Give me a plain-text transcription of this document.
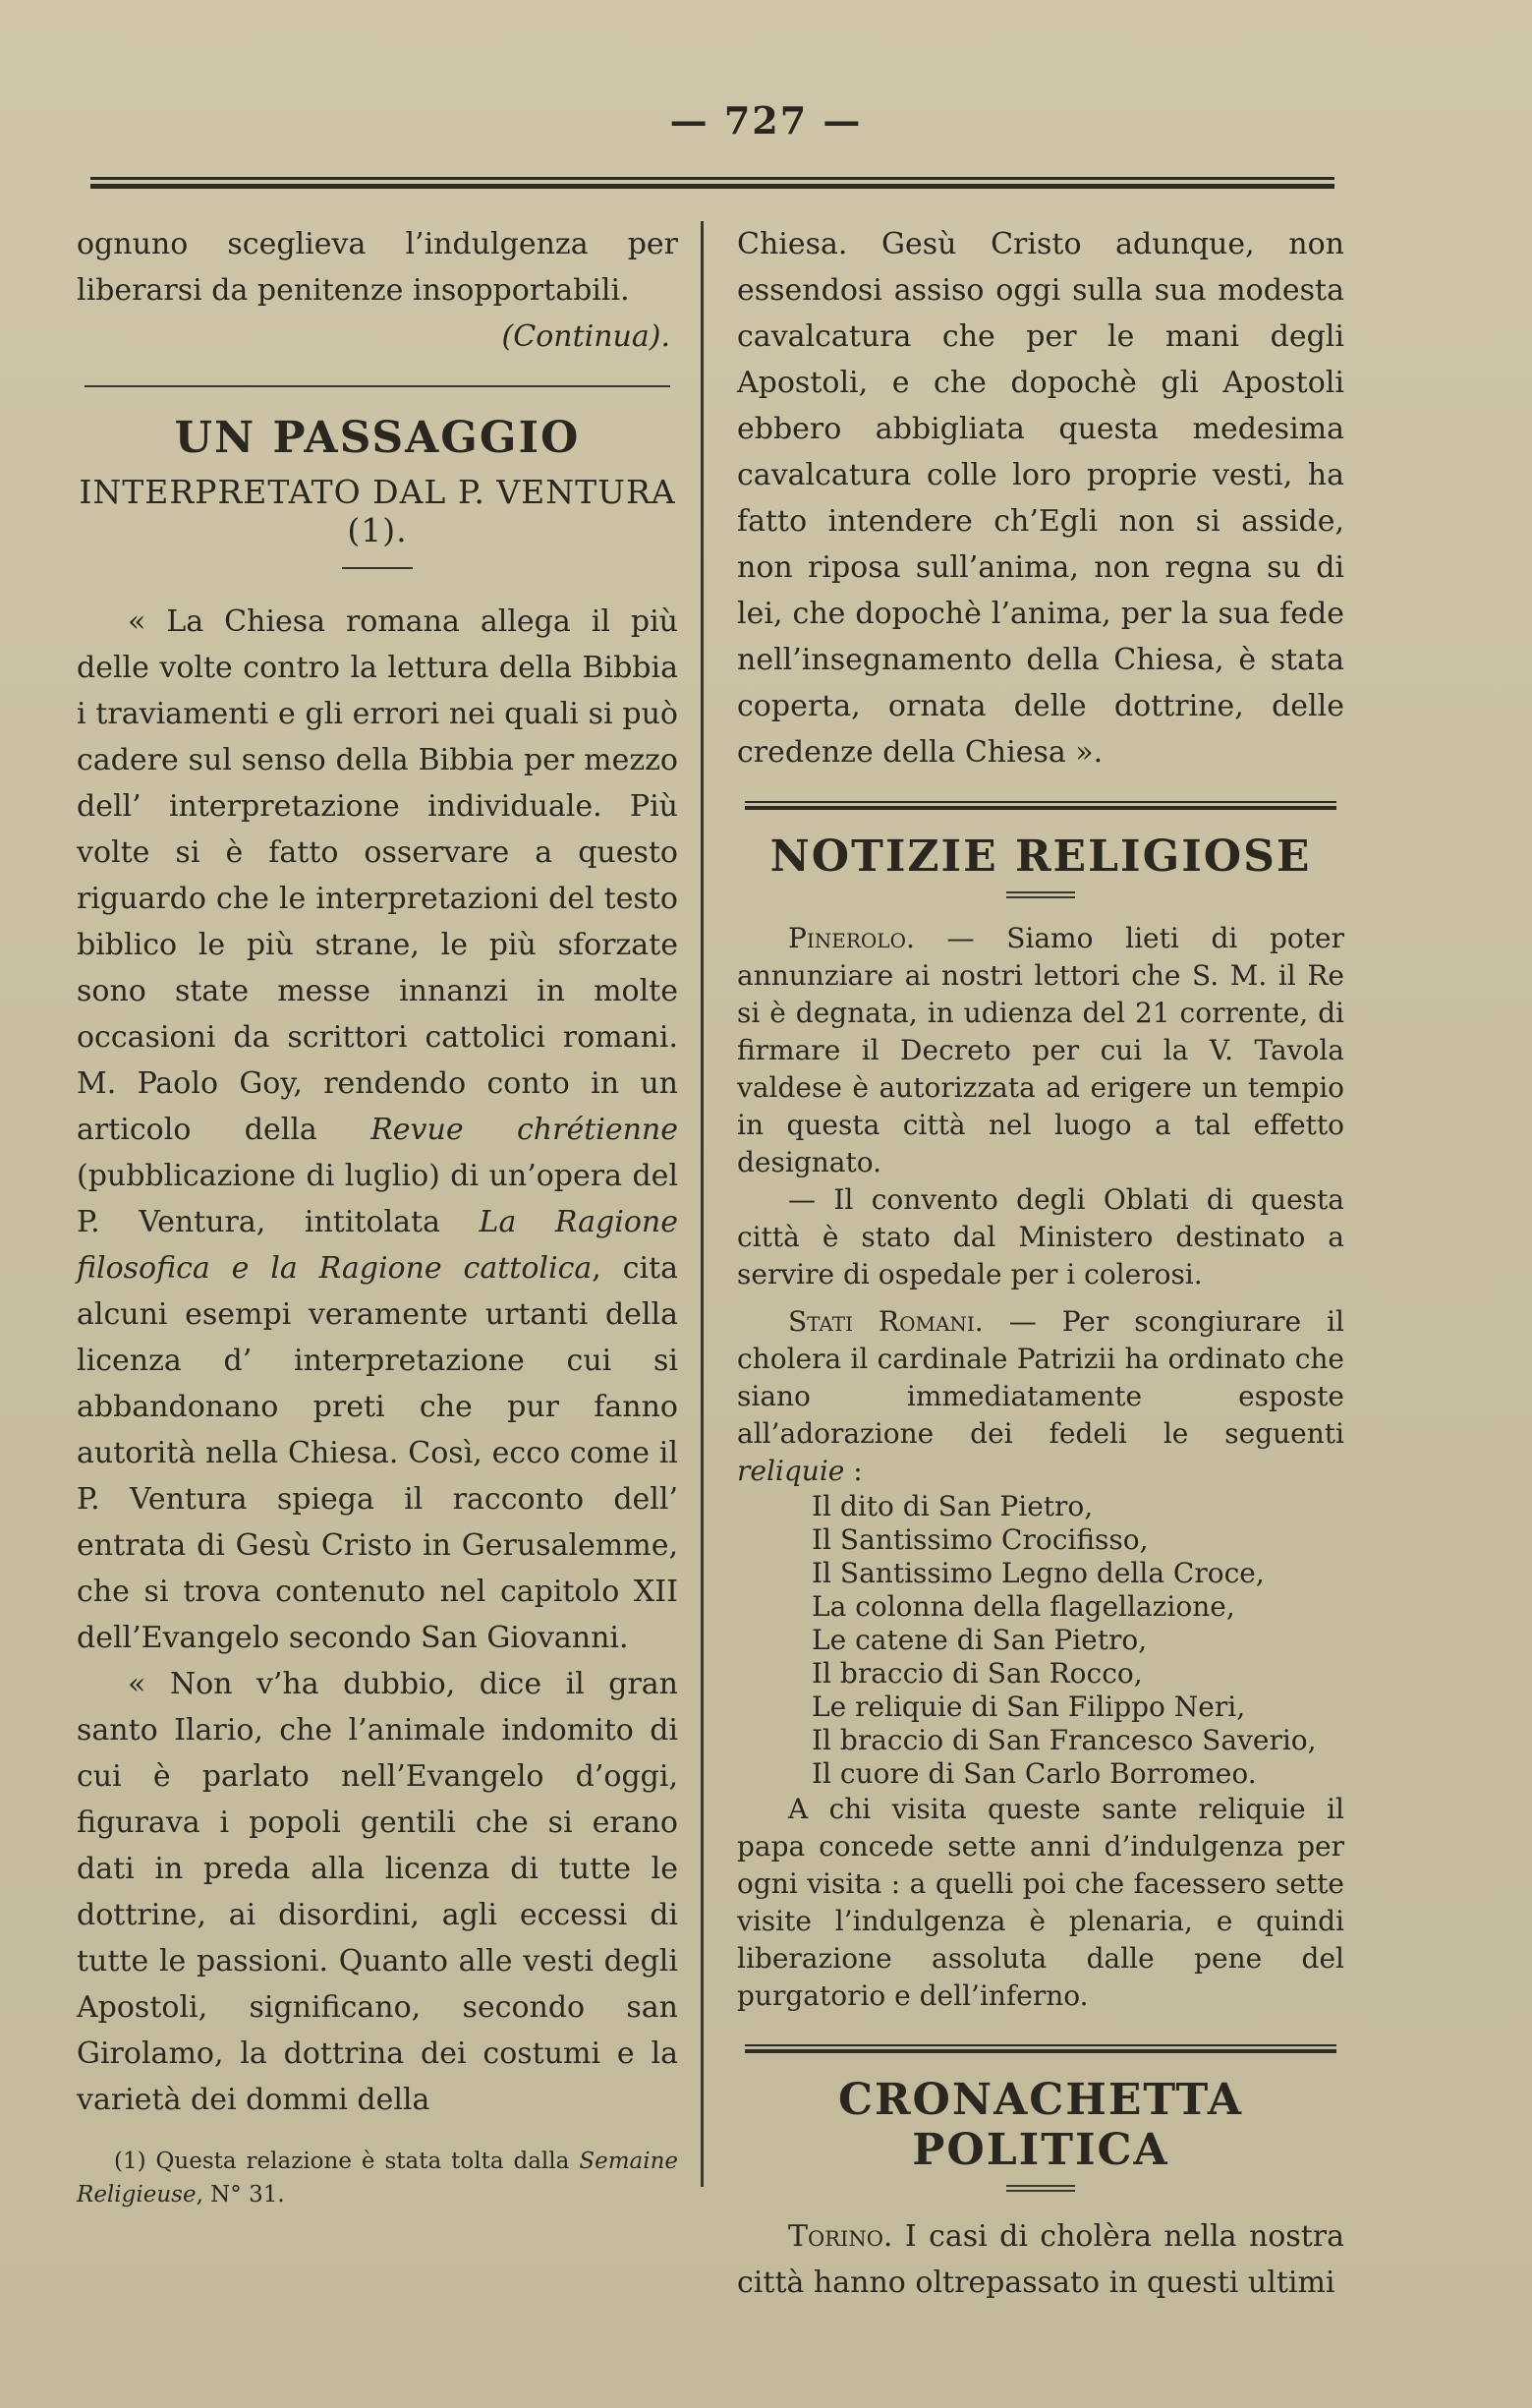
— 727 —

ognuno sceglieva l’indulgenza per liberarsi da penitenze insopportabili.

(Continua).
UN PASSAGGIO
INTERPRETATO DAL P. VENTURA (1).

« La Chiesa romana allega il più delle volte contro la lettura della Bibbia i traviamenti e gli errori nei quali si può cadere sul senso della Bibbia per mezzo dell’ interpretazione individuale. Più volte si è fatto osservare a questo riguardo che le interpretazioni del testo biblico le più strane, le più sforzate sono state messe innanzi in molte occasioni da scrittori cattolici romani. M. Paolo Goy, rendendo conto in un articolo della Revue chrétienne (pubblicazione di luglio) di un’opera del P. Ventura, intitolata La Ragione filosofica e la Ragione cattolica, cita alcuni esempi veramente urtanti della licenza d’ interpretazione cui si abbandonano preti che pur fanno autorità nella Chiesa. Così, ecco come il P. Ventura spiega il racconto dell’ entrata di Gesù Cristo in Gerusalemme, che si trova contenuto nel capitolo XII dell’Evangelo secondo San Giovanni.

« Non v’ha dubbio, dice il gran santo Ilario, che l’animale indomito di cui è parlato nell’Evangelo d’oggi, figurava i popoli gentili che si erano dati in preda alla licenza di tutte le dottrine, ai disordini, agli eccessi di tutte le passioni. Quanto alle vesti degli Apostoli, significano, secondo san Girolamo, la dottrina dei costumi e la varietà dei dommi della

(1) Questa relazione è stata tolta dalla Semaine Religieuse, N° 31.

Chiesa. Gesù Cristo adunque, non essendosi assiso oggi sulla sua modesta cavalcatura che per le mani degli Apostoli, e che dopochè gli Apostoli ebbero abbigliata questa medesima cavalcatura colle loro proprie vesti, ha fatto intendere ch’Egli non si asside, non riposa sull’anima, non regna su di lei, che dopochè l’anima, per la sua fede nell’insegnamento della Chiesa, è stata coperta, ornata delle dottrine, delle credenze della Chiesa ».

NOTIZIE RELIGIOSE

Pinerolo. — Siamo lieti di poter annunziare ai nostri lettori che S. M. il Re si è degnata, in udienza del 21 corrente, di firmare il Decreto per cui la V. Tavola valdese è autorizzata ad erigere un tempio in questa città nel luogo a tal effetto designato.

— Il convento degli Oblati di questa città è stato dal Ministero destinato a servire di ospedale per i colerosi.

Stati Romani. — Per scongiurare il cholera il cardinale Patrizii ha ordinato che siano immediatamente esposte all’adorazione dei fedeli le seguenti reliquie :

Il dito di San Pietro,

Il Santissimo Crocifisso,

Il Santissimo Legno della Croce,

La colonna della flagellazione,

Le catene di San Pietro,

Il braccio di San Rocco,

Le reliquie di San Filippo Neri,

Il braccio di San Francesco Saverio,

Il cuore di San Carlo Borromeo.

A chi visita queste sante reliquie il papa concede sette anni d’indulgenza per ogni visita : a quelli poi che facessero sette visite l’indulgenza è plenaria, e quindi liberazione assoluta dalle pene del purgatorio e dell’inferno.

CRONACHETTA POLITICA

Torino. I casi di cholèra nella nostra città hanno oltrepassato in questi ultimi
